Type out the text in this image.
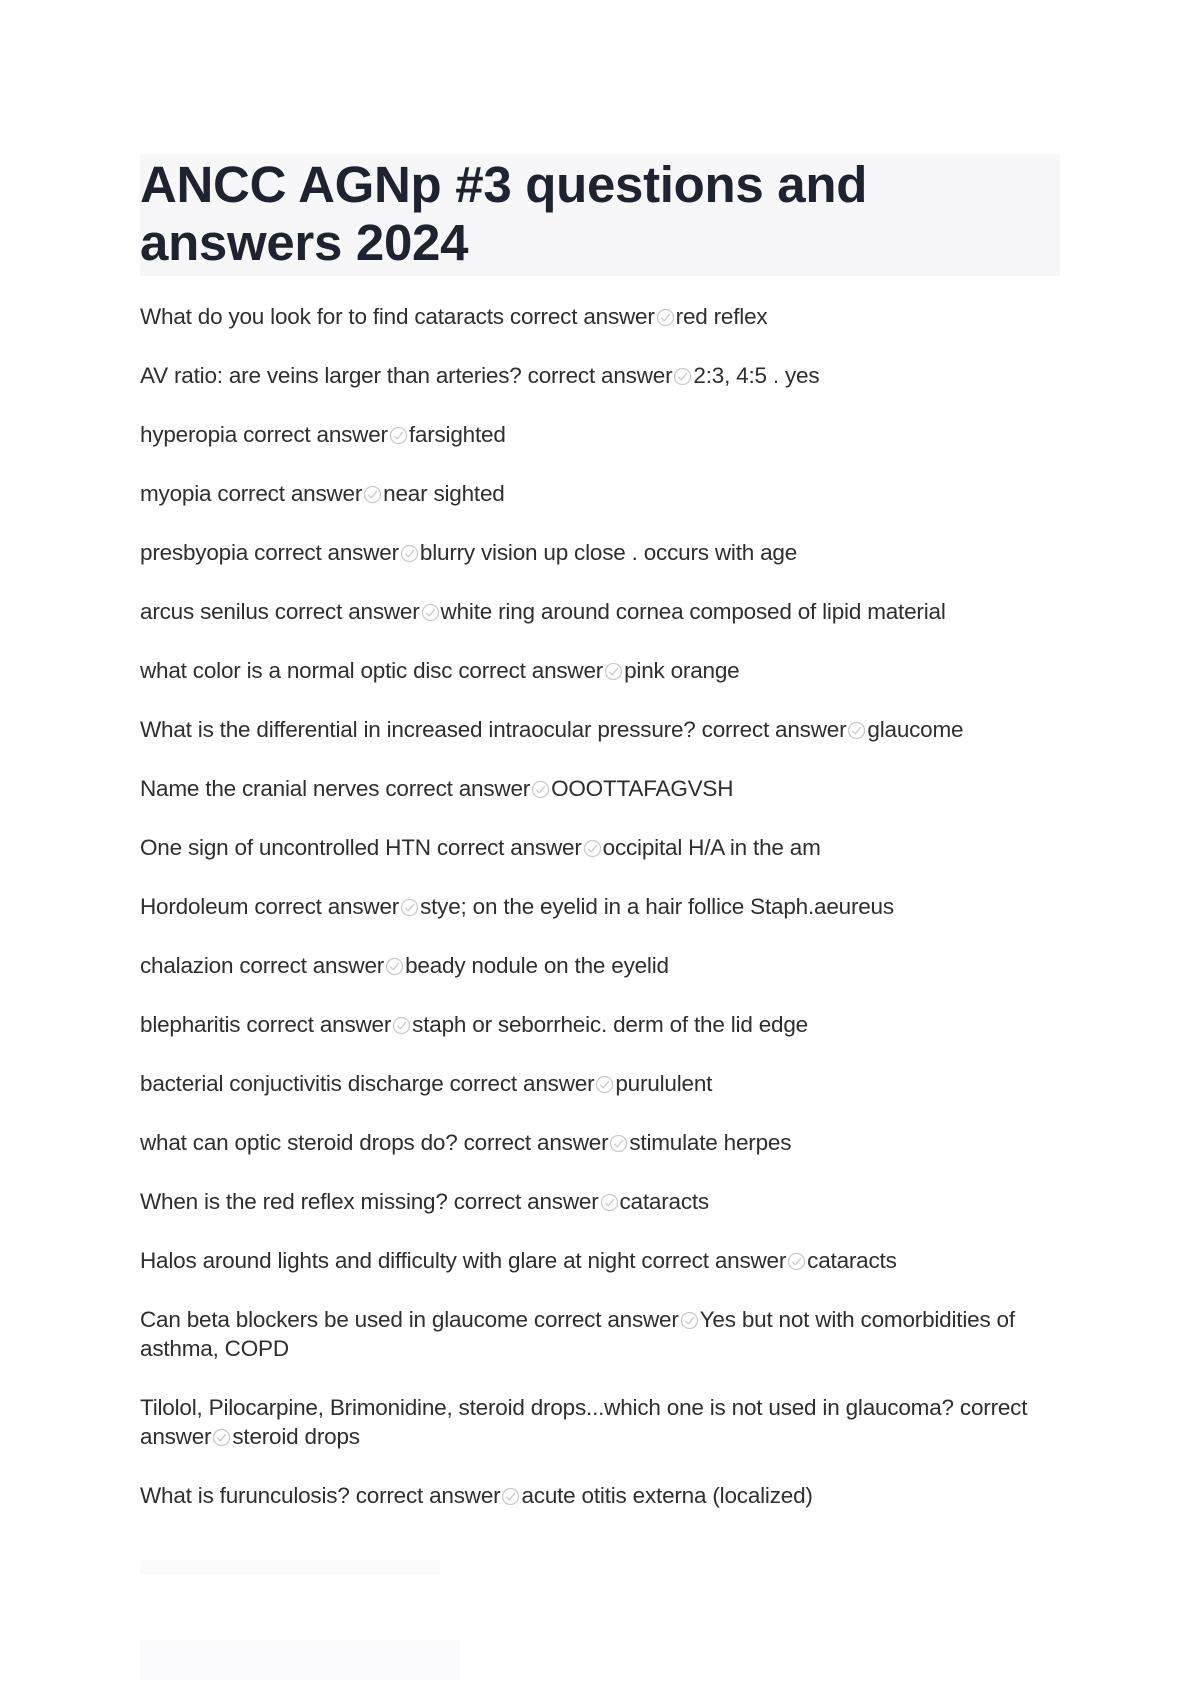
ANCC AGNp #3 questions and answers 2024
What do you look for to find cataracts correct answer red reflex
AV ratio: are veins larger than arteries? correct answer 2:3, 4:5 . yes
hyperopia correct answer farsighted
myopia correct answer near sighted
presbyopia correct answer blurry vision up close . occurs with age
arcus senilus correct answer white ring around cornea composed of lipid material
what color is a normal optic disc correct answer pink orange
What is the differential in increased intraocular pressure? correct answer glaucome
Name the cranial nerves correct answer OOOTTAFAGVSH
One sign of uncontrolled HTN correct answer occipital H/A in the am
Hordoleum correct answer stye; on the eyelid in a hair follice Staph.aeureus
chalazion correct answer beady nodule on the eyelid
blepharitis correct answer staph or seborrheic. derm of the lid edge
bacterial conjuctivitis discharge correct answer purululent
what can optic steroid drops do? correct answer stimulate herpes
When is the red reflex missing? correct answer cataracts
Halos around lights and difficulty with glare at night correct answer cataracts
Can beta blockers be used in glaucome correct answer Yes but not with comorbidities of asthma, COPD
Tilolol, Pilocarpine, Brimonidine, steroid drops...which one is not used in glaucoma? correct answer steroid drops
What is furunculosis? correct answer acute otitis externa (localized)
